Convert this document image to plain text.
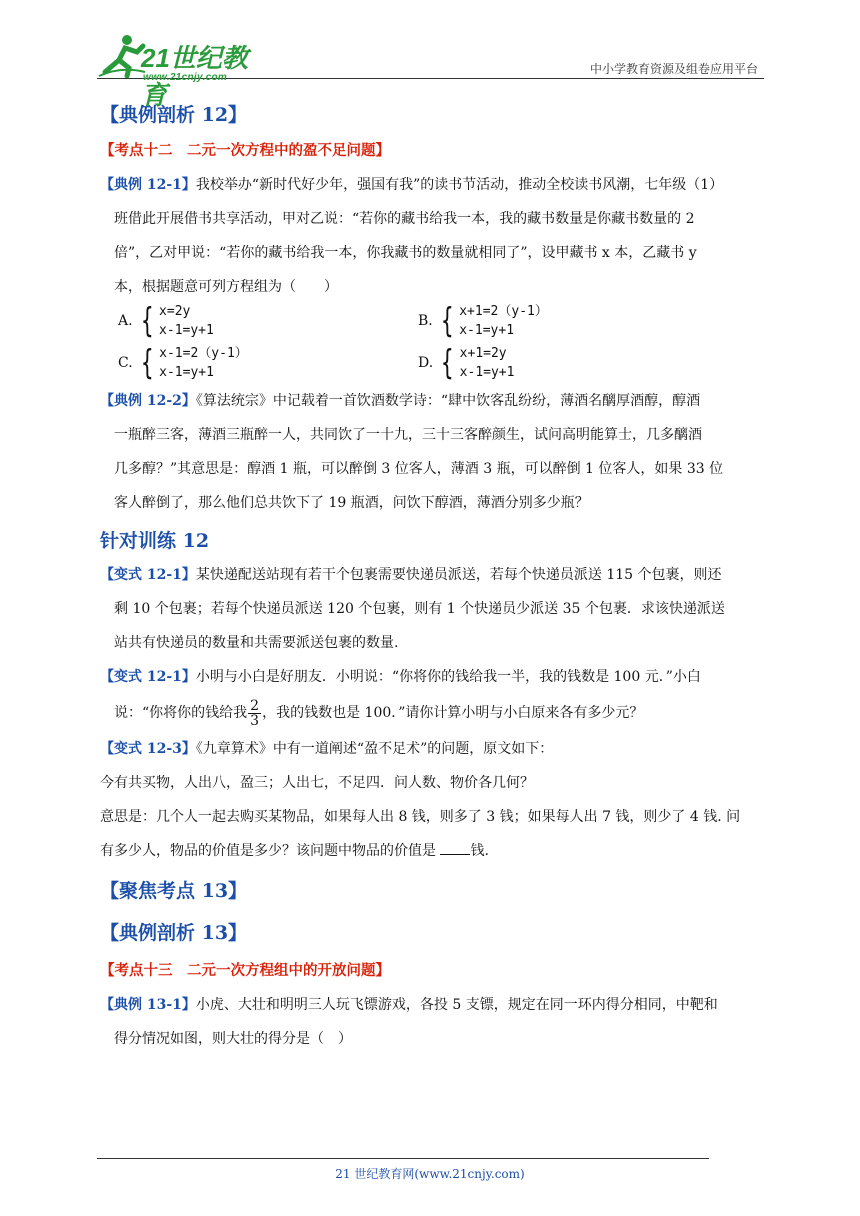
21世纪教育
www.21cnjy.com
中小学教育资源及组卷应用平台
【典例剖析 12】
【考点十二　二元一次方程中的盈不足问题】

【典例 12-1】我校举办“新时代好少年，强国有我”的读书节活动，推动全校读书风潮，七年级（1）

班借此开展借书共享活动，甲对乙说：“若你的藏书给我一本，我的藏书数量是你藏书数量的 2

倍”，乙对甲说：“若你的藏书给我一本，你我藏书的数量就相同了”，设甲藏书 x 本，乙藏书 y

本，根据题意可列方程组为（　　）

A. { x=2y
x-1=y+1
B. { x+1=2（y-1）
x-1=y+1
C. { x-1=2（y-1）
x-1=y+1
D. { x+1=2y
x-1=y+1

【典例 12-2】《算法统宗》中记载着一首饮酒数学诗：“肆中饮客乱纷纷，薄酒名醨厚酒醇，醇酒

一瓶醉三客，薄酒三瓶醉一人，共同饮了一十九，三十三客醉颜生，试问高明能算士，几多醨酒

几多醇？”其意思是：醇酒 1 瓶，可以醉倒 3 位客人，薄酒 3 瓶，可以醉倒 1 位客人，如果 33 位

客人醉倒了，那么他们总共饮下了 19 瓶酒，问饮下醇酒，薄酒分别多少瓶？

针对训练 12

【变式 12-1】某快递配送站现有若干个包裹需要快递员派送，若每个快递员派送 115 个包裹，则还

剩 10 个包裹；若每个快递员派送 120 个包裹，则有 1 个快递员少派送 35 个包裹．求该快递派送

站共有快递员的数量和共需要派送包裹的数量.

【变式 12-1】小明与小白是好朋友．小明说：“你将你的钱给我一半，我的钱数是 100 元．”小白

说：“你将你的钱给我 $\frac{2}{3}$ ，我的钱数也是 100．”请你计算小明与小白原来各有多少元？

【变式 12-3】《九章算术》中有一道阐述“盈不足术”的问题，原文如下：

今有共买物，人出八，盈三；人出七，不足四．问人数、物价各几何？

意思是：几个人一起去购买某物品，如果每人出 8 钱，则多了 3 钱；如果每人出 7 钱，则少了 4 钱. 问

有多少人，物品的价值是多少？该问题中物品的价值是 钱.

【聚焦考点 13】
【典例剖析 13】
【考点十三　二元一次方程组中的开放问题】

【典例 13-1】小虎、大壮和明明三人玩飞镖游戏，各投 5 支镖，规定在同一环内得分相同，中靶和

得分情况如图，则大壮的得分是（　）

21 世纪教育网(www.21cnjy.com)
